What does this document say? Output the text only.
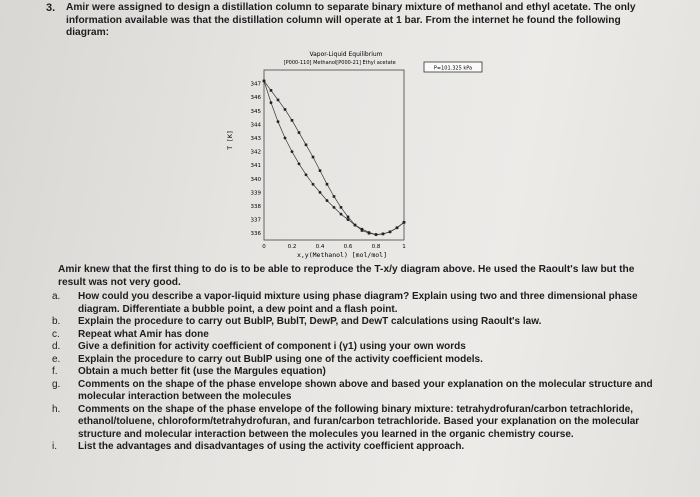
3. Amir were assigned to design a distillation column to separate binary mixture of methanol and ethyl acetate. The only information available was that the distillation column will operate at 1 bar. From the internet he found the following diagram:
Vapor-Liquid Equilibrium
[P000-110] Methanol [P000-21] Ethyl acetate
P=101.325 kPa
347
346
345
344
343
342
341
340
339
338
337
336
0	0.2	0.4	0.6	0.8	1
T [K]
x,y(Methanol) [mol/mol]
Amir knew that the first thing to do is to be able to reproduce the T-x/y diagram above. He used the Raoult's law but the result was not very good.
a.	How could you describe a vapor-liquid mixture using phase diagram? Explain using two and three dimensional phase diagram. Differentiate a bubble point, a dew point and a flash point.
b.	Explain the procedure to carry out BublP, BublT, DewP, and DewT calculations using Raoult's law.
c.	Repeat what Amir has done
d.	Give a definition for activity coefficient of component i (γ1) using your own words
e.	Explain the procedure to carry out BublP using one of the activity coefficient models.
f.	Obtain a much better fit (use the Margules equation)
g.	Comments on the shape of the phase envelope shown above and based your explanation on the molecular structure and molecular interaction between the molecules
h.	Comments on the shape of the phase envelope of the following binary mixture: tetrahydrofuran/carbon tetrachloride, ethanol/toluene, chloroform/tetrahydrofuran, and furan/carbon tetrachloride. Based your explanation on the molecular structure and molecular interaction between the molecules you learned in the organic chemistry course.
i.	List the advantages and disadvantages of using the activity coefficient approach.
